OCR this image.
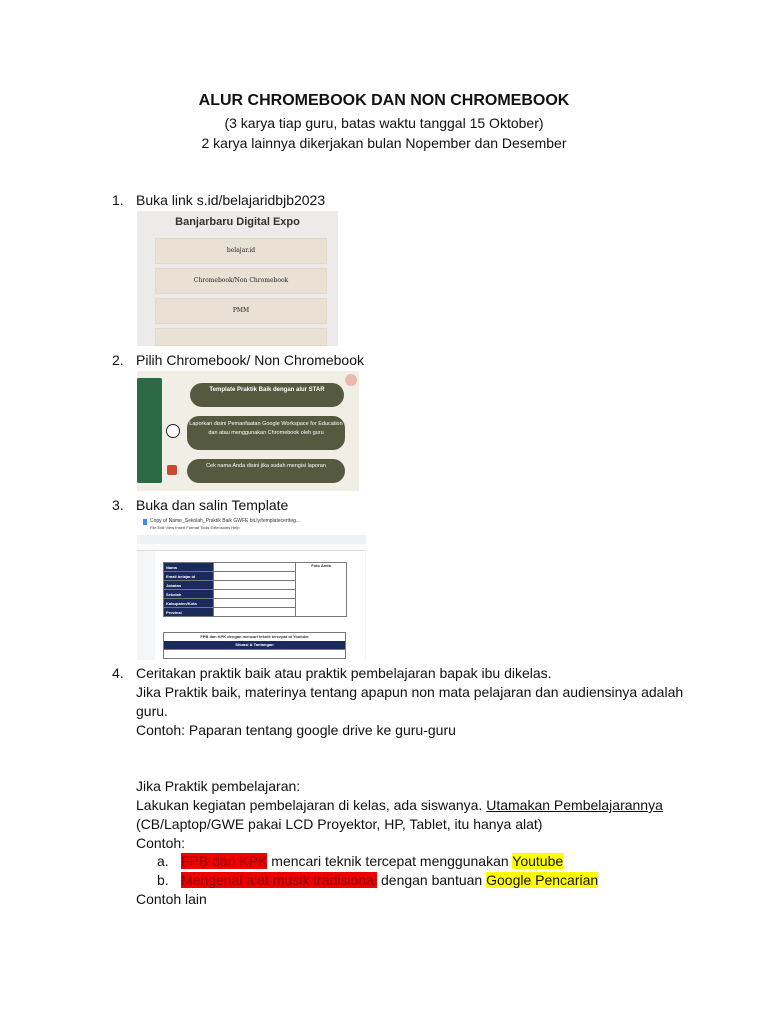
ALUR CHROMEBOOK DAN NON CHROMEBOOK
(3 karya tiap guru, batas waktu tanggal 15 Oktober)
2 karya lainnya dikerjakan bulan Nopember dan Desember
1. Buka link s.id/belajaridbjb2023
Banjarbaru Digital Expo
belajar.id
Chromebook/Non Chromebook
PMM
2. Pilih Chromebook/ Non Chromebook
Template Praktik Baik dengan alur STAR
Laporkan disini Pemanfaatan Google Workspace for Education dan atau menggunakan Chromebook oleh guru
Cek nama Anda disini jika sudah mengisi laporan
3. Buka dan salin Template
Copy of Name_Sekolah_Praktik Baik GWFE bit.ly/templatecertteg...
File Edit View Insert Format Tools Extensions Help
Nama		Foto Anda
Email belajar.id		
Jabatan		
Sekolah		
Kabupaten/Kota		
Provinsi		
FPB dan KPK dengan mencari teknik tercepat di Youtube
Situasi & Tantangan
4. Ceritakan praktik baik atau praktik pembelajaran bapak ibu dikelas.
Jika Praktik baik, materinya tentang apapun non mata pelajaran dan audiensinya adalah
guru.
Contoh: Paparan tentang google drive ke guru-guru
Jika Praktik pembelajaran:
Lakukan kegiatan pembelajaran di kelas, ada siswanya. Utamakan Pembelajarannya
(CB/Laptop/GWE pakai LCD Proyektor, HP, Tablet, itu hanya alat)
Contoh:
a. FPB dan KPK mencari teknik tercepat menggunakan Youtube
b. Mengenal alat musik tradisional dengan bantuan Google Pencarian
Contoh lain
